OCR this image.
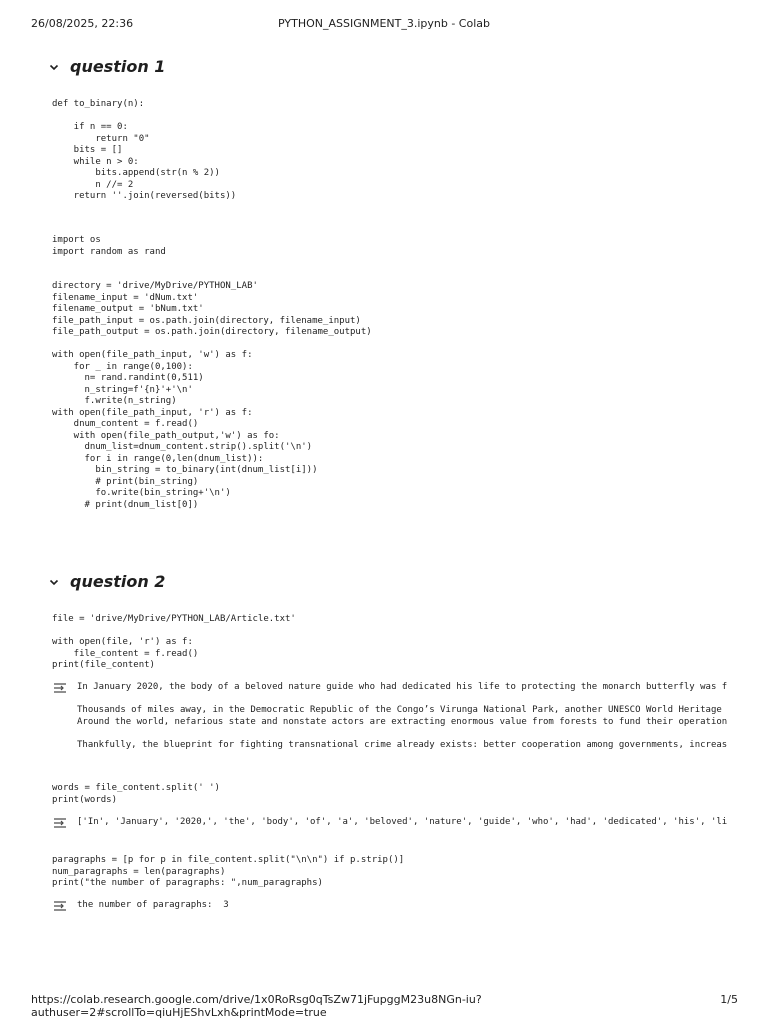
26/08/2025, 22:36	PYTHON_ASSIGNMENT_3.ipynb - Colab
question 1
def to_binary(n):

if n == 0:
return "0"
bits = []
while n > 0:
bits.append(str(n % 2))
n //= 2
return ''.join(reversed(bits))
import os
import random as rand

directory = 'drive/MyDrive/PYTHON_LAB'
filename_input = 'dNum.txt'
filename_output = 'bNum.txt'
file_path_input = os.path.join(directory, filename_input)
file_path_output = os.path.join(directory, filename_output)

with open(file_path_input, 'w') as f:
for _ in range(0,100):
n= rand.randint(0,511)
n_string=f'{n}'+'\n'
f.write(n_string)
with open(file_path_input, 'r') as f:
dnum_content = f.read()
with open(file_path_output,'w') as fo:
dnum_list=dnum_content.strip().split('\n')
for i in range(0,len(dnum_list)):
bin_string = to_binary(int(dnum_list[i]))
# print(bin_string)
fo.write(bin_string+'\n')
# print(dnum_list[0])
question 2
file = 'drive/MyDrive/PYTHON_LAB/Article.txt'

with open(file, 'r') as f:
file_content = f.read()
print(file_content)
In January 2020, the body of a beloved nature guide who had dedicated his life to protecting the monarch butterfly was f

Thousands of miles away, in the Democratic Republic of the Congo’s Virunga National Park, another UNESCO World Heritage
Around the world, nefarious state and nonstate actors are extracting enormous value from forests to fund their operation

Thankfully, the blueprint for fighting transnational crime already exists: better cooperation among governments, increas
words = file_content.split(' ')
print(words)
['In', 'January', '2020,', 'the', 'body', 'of', 'a', 'beloved', 'nature', 'guide', 'who', 'had', 'dedicated', 'his', 'li
paragraphs = [p for p in file_content.split("\n\n") if p.strip()]
num_paragraphs = len(paragraphs)
print("the number of paragraphs: ",num_paragraphs)
the number of paragraphs:  3
https://colab.research.google.com/drive/1x0RoRsg0qTsZw71jFupggM23u8NGn-iu?authuser=2#scrollTo=qiuHjEShvLxh&printMode=true
1/5
